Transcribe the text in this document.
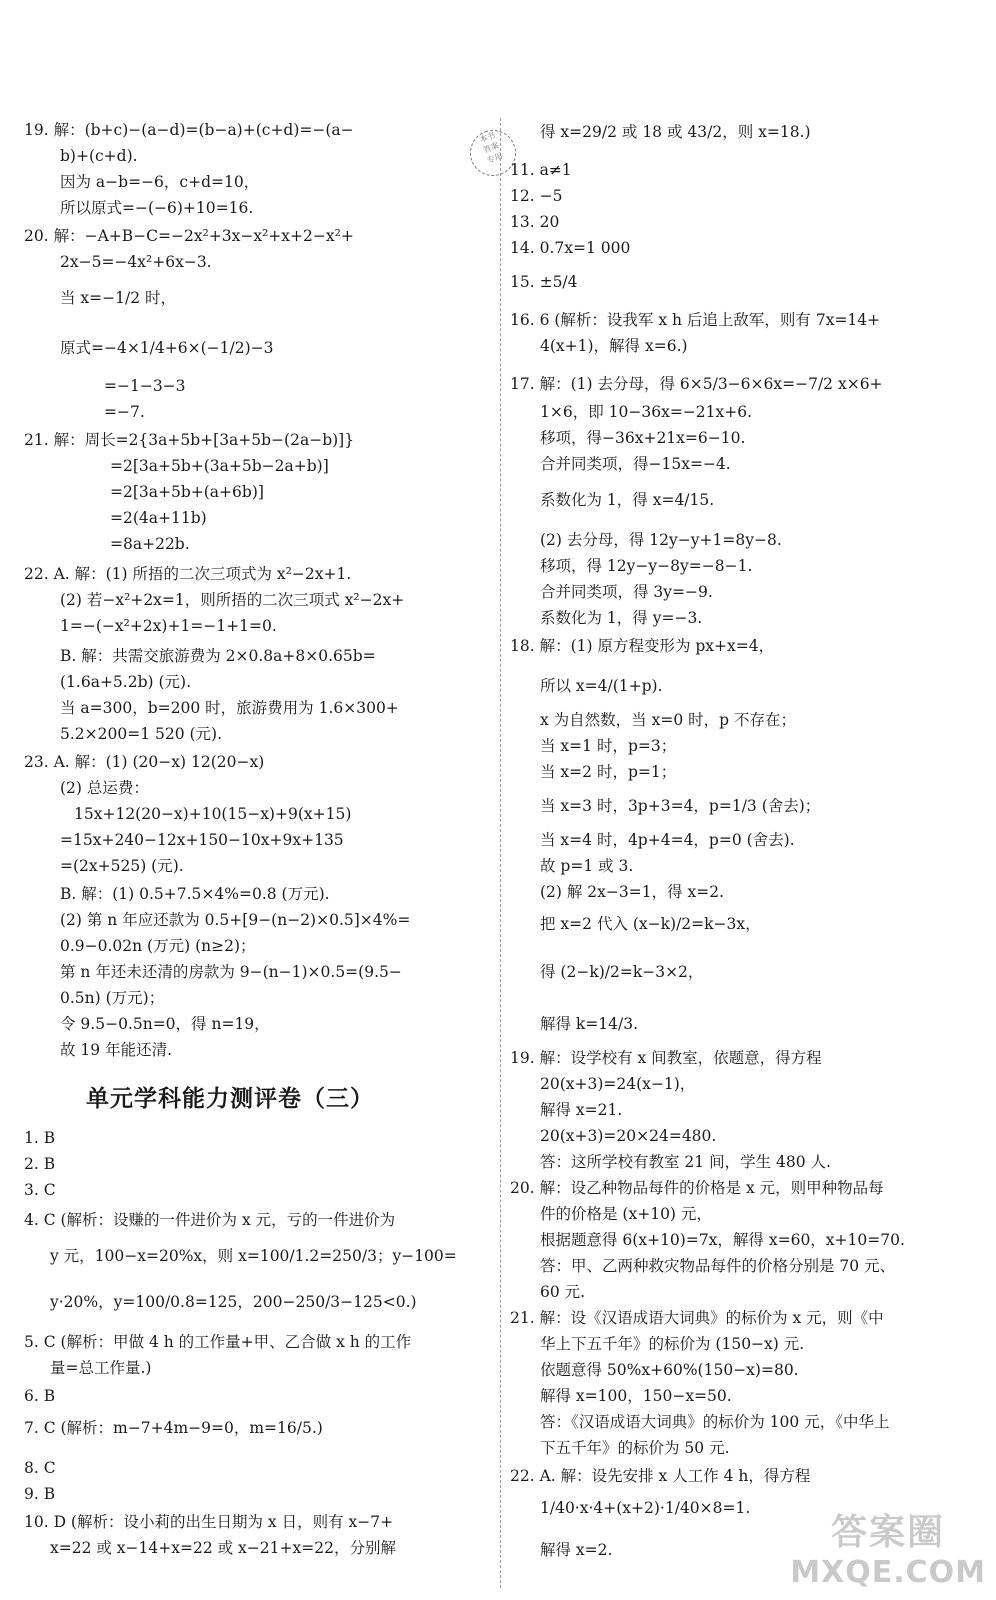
本书
答案
专用
19. 解：(b+c)−(a−d)=(b−a)+(c+d)=−(a−
b)+(c+d).
因为 a−b=−6，c+d=10，
所以原式=−(−6)+10=16.
20. 解：−A+B−C=−2x²+3x−x²+x+2−x²+
2x−5=−4x²+6x−3.
当 x=−1/2 时，
原式=−4×1/4+6×(−1/2)−3
=−1−3−3
=−7.
21. 解：周长=2{3a+5b+[3a+5b−(2a−b)]}
=2[3a+5b+(3a+5b−2a+b)]
=2[3a+5b+(a+6b)]
=2(4a+11b)
=8a+22b.
22. A. 解：(1) 所捂的二次三项式为 x²−2x+1.
(2) 若−x²+2x=1，则所捂的二次三项式 x²−2x+
1=−(−x²+2x)+1=−1+1=0.
B. 解：共需交旅游费为 2×0.8a+8×0.65b=
(1.6a+5.2b) (元).
当 a=300，b=200 时，旅游费用为 1.6×300+
5.2×200=1 520 (元).
23. A. 解：(1) (20−x) 12(20−x)
(2) 总运费：
15x+12(20−x)+10(15−x)+9(x+15)
=15x+240−12x+150−10x+9x+135
=(2x+525) (元).
B. 解：(1) 0.5+7.5×4%=0.8 (万元).
(2) 第 n 年应还款为 0.5+[9−(n−2)×0.5]×4%=
0.9−0.02n (万元) (n≥2)；
第 n 年还未还清的房款为 9−(n−1)×0.5=(9.5−
0.5n) (万元)；
令 9.5−0.5n=0，得 n=19，
故 19 年能还清.
1. B
2. B
3. C
4. C (解析：设赚的一件进价为 x 元，亏的一件进价为
y 元，100−x=20%x，则 x=100/1.2=250/3；y−100=
y·20%，y=100/0.8=125，200−250/3−125<0.)
5. C (解析：甲做 4 h 的工作量+甲、乙合做 x h 的工作
量=总工作量.)
6. B
7. C (解析：m−7+4m−9=0，m=16/5.)
8. C
9. B
10. D (解析：设小莉的出生日期为 x 日，则有 x−7+
x=22 或 x−14+x=22 或 x−21+x=22，分别解
单元学科能力测评卷（三）
得 x=29/2 或 18 或 43/2，则 x=18.)
11. a≠1
12. −5
13. 20
14. 0.7x=1 000
15. ±5/4
16. 6 (解析：设我军 x h 后追上敌军，则有 7x=14+
4(x+1)，解得 x=6.)
17. 解：(1) 去分母，得 6×5/3−6×6x=−7/2 x×6+
1×6，即 10−36x=−21x+6.
移项，得−36x+21x=6−10.
合并同类项，得−15x=−4.
系数化为 1，得 x=4/15.
(2) 去分母，得 12y−y+1=8y−8.
移项，得 12y−y−8y=−8−1.
合并同类项，得 3y=−9.
系数化为 1，得 y=−3.
18. 解：(1) 原方程变形为 px+x=4，
所以 x=4/(1+p).
x 为自然数，当 x=0 时，p 不存在；
当 x=1 时，p=3；
当 x=2 时，p=1；
当 x=3 时，3p+3=4，p=1/3 (舍去)；
当 x=4 时，4p+4=4，p=0 (舍去).
故 p=1 或 3.
(2) 解 2x−3=1，得 x=2.
把 x=2 代入 (x−k)/2=k−3x，
得 (2−k)/2=k−3×2，
解得 k=14/3.
19. 解：设学校有 x 间教室，依题意，得方程
20(x+3)=24(x−1)，
解得 x=21.
20(x+3)=20×24=480.
答：这所学校有教室 21 间，学生 480 人.
20. 解：设乙种物品每件的价格是 x 元，则甲种物品每
件的价格是 (x+10) 元，
根据题意得 6(x+10)=7x，解得 x=60，x+10=70.
答：甲、乙两种救灾物品每件的价格分别是 70 元、
60 元.
21. 解：设《汉语成语大词典》的标价为 x 元，则《中
华上下五千年》的标价为 (150−x) 元.
依题意得 50%x+60%(150−x)=80.
解得 x=100，150−x=50.
答：《汉语成语大词典》的标价为 100 元，《中华上
下五千年》的标价为 50 元.
22. A. 解：设先安排 x 人工作 4 h，得方程
1/40·x·4+(x+2)·1/40×8=1.
解得 x=2.	答案圈
MXQE.COM
